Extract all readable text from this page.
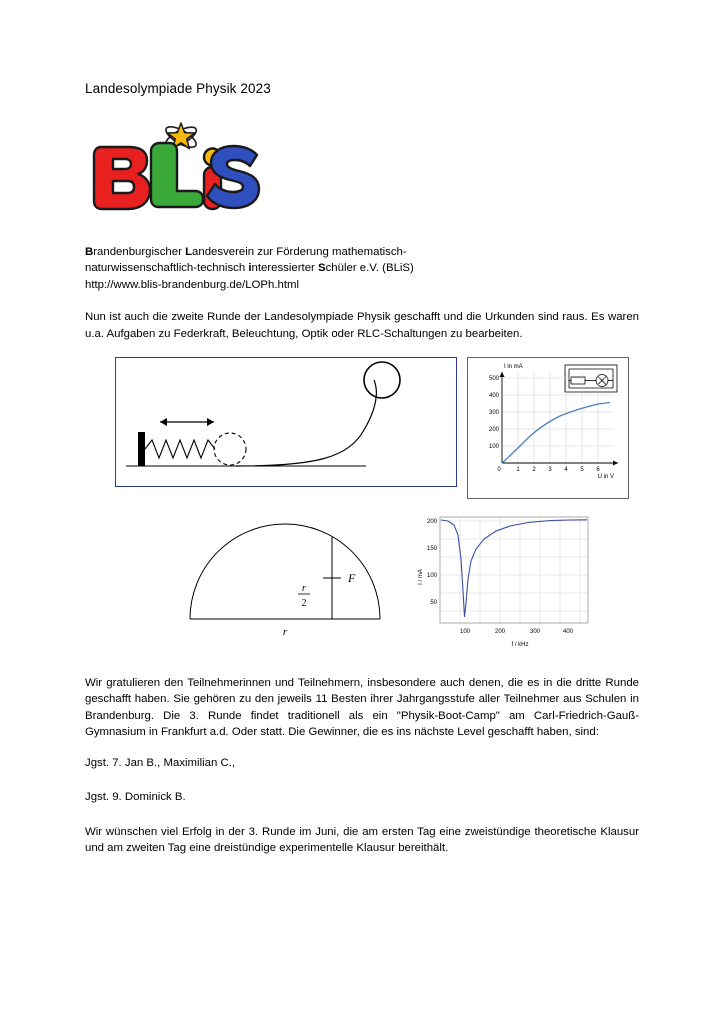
Landesolympiade Physik 2023
Brandenburgischer Landesverein zur Förderung mathematisch-
naturwissenschaftlich-technisch interessierter Schüler e.V. (BLiS)
http://www.blis-brandenburg.de/LOPh.html
Nun ist auch die zweite Runde der Landesolympiade Physik geschafft und die Urkunden sind raus. Es waren u.a. Aufgaben zu Federkraft, Beleuchtung, Optik oder RLC-Schaltungen zu bearbeiten.
500
400
300
200
100
0	1 2 3 4 5 6
I in mA
U in V
F
r
2
r
200
150
100
50
100	200	300	400
I / mA
f / kHz
Wir gratulieren den Teilnehmerinnen und Teilnehmern, insbesondere auch denen, die es in die dritte Runde geschafft haben. Sie gehören zu den jeweils 11 Besten ihrer Jahrgangsstufe aller Teilnehmer aus Schulen in Brandenburg. Die 3. Runde findet traditionell als ein "Physik-Boot-Camp" am Carl-Friedrich-Gauß-Gymnasium in Frankfurt a.d. Oder statt. Die Gewinner, die es ins nächste Level geschafft haben, sind:
Jgst. 7. Jan B., Maximilian C.,
Jgst. 9. Dominick B.
Wir wünschen viel Erfolg in der 3. Runde im Juni, die am ersten Tag eine zweistündige theoretische Klausur und am zweiten Tag eine dreistündige experimentelle Klausur bereithält.
